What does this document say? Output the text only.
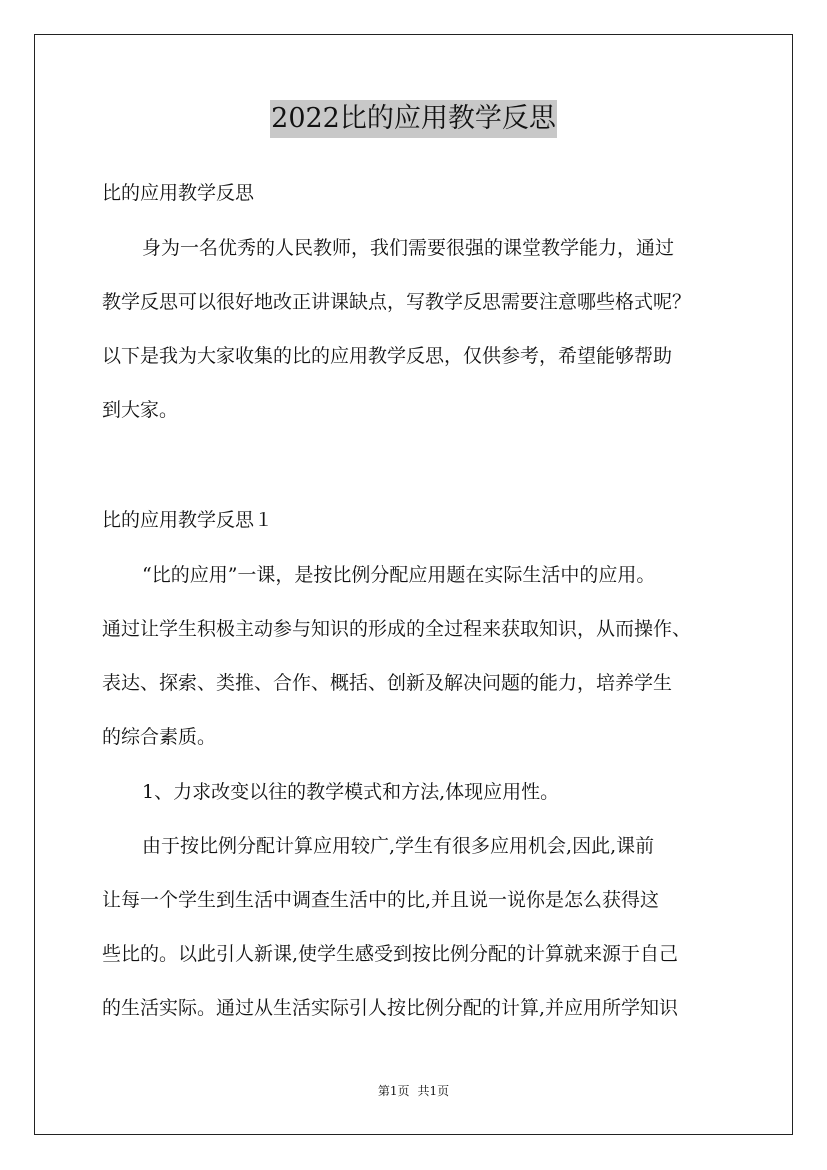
2022比的应用教学反思
比的应用教学反思
身为一名优秀的人民教师，我们需要很强的课堂教学能力，通过
教学反思可以很好地改正讲课缺点，写教学反思需要注意哪些格式呢？
以下是我为大家收集的比的应用教学反思，仅供参考，希望能够帮助
到大家。
比的应用教学反思１
“比的应用”一课，是按比例分配应用题在实际生活中的应用。
通过让学生积极主动参与知识的形成的全过程来获取知识，从而操作、
表达、探索、类推、合作、概括、创新及解决问题的能力，培养学生
的综合素质。
1、力求改变以往的教学模式和方法,体现应用性。
由于按比例分配计算应用较广,学生有很多应用机会,因此,课前
让每一个学生到生活中调查生活中的比,并且说一说你是怎么获得这
些比的。以此引人新课,使学生感受到按比例分配的计算就来源于自己
的生活实际。通过从生活实际引人按比例分配的计算,并应用所学知识
第1页 共1页
